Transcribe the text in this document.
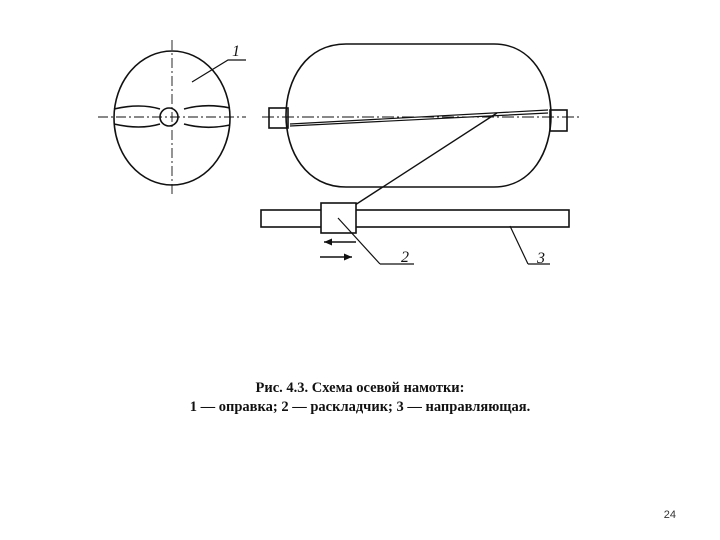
1
2	3
Рис. 4.3. Схема осевой намотки:
1 — оправка; 2 — раскладчик; 3 — направляющая.
24
